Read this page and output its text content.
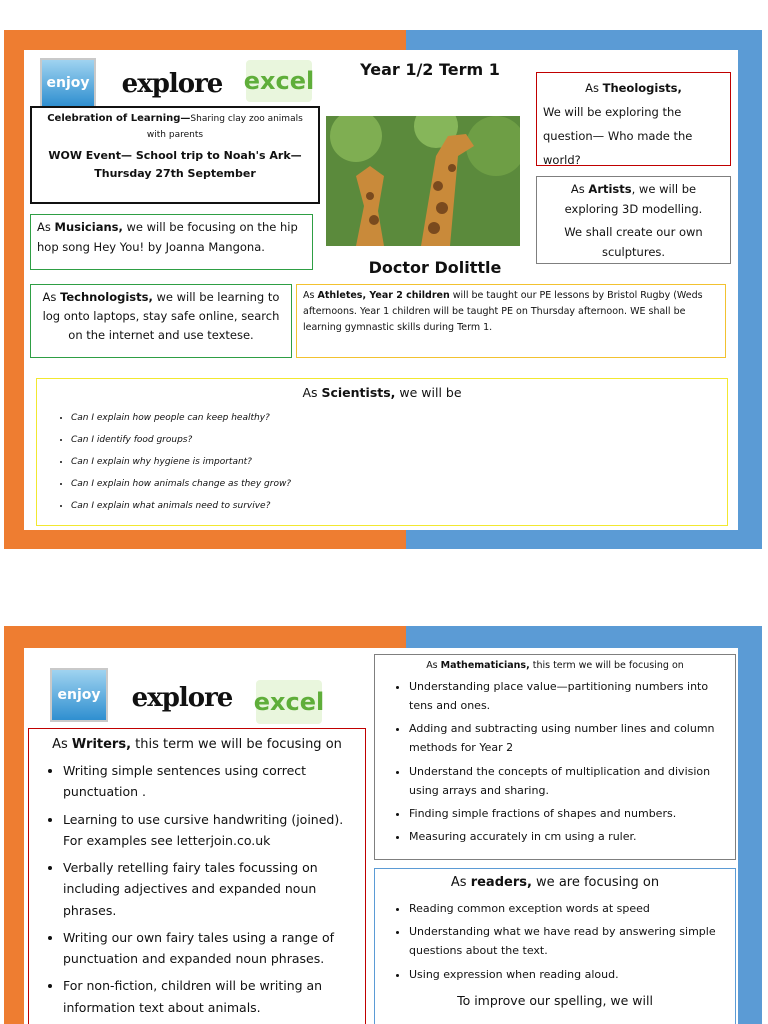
enjoy explore excel	Year 1/2 Term 1
Celebration of Learning—Sharing clay zoo animals with parents
WOW Event— School trip to Noah's Ark— Thursday 27th September
Doctor Dolittle
As Theologists,
We will be exploring the
question— Who made the world?
As Artists, we will be exploring 3D modelling.
We shall create our own sculptures.
As Musicians, we will be focusing on the hip hop song Hey You! by Joanna Mangona.
As Technologists, we will be learning to log onto laptops, stay safe online, search on the internet and use textese.
As Athletes, Year 2 children will be taught our PE lessons by Bristol Rugby (Weds afternoons. Year 1 children will be taught PE on Thursday afternoon. WE shall be learning gymnastic skills during Term 1.
As Scientists, we will be
• Can I explain how people can keep healthy?
• Can I identify food groups?
• Can I explain why hygiene is important?
• Can I explain how animals change as they grow?
• Can I explain what animals need to survive?
enjoy explore excel
As Mathematicians, this term we will be focusing on
• Understanding place value—partitioning numbers into tens and ones.
• Adding and subtracting using number lines and column methods for Year 2
• Understand the concepts of multiplication and division using arrays and sharing.
• Finding simple fractions of shapes and numbers.
• Measuring accurately in cm using a ruler.
As Writers, this term we will be focusing on
• Writing simple sentences using correct punctuation .
• Learning to use cursive handwriting (joined). For examples see letterjoin.co.uk
• Verbally retelling fairy tales focussing on including adjectives and expanded noun phrases.
• Writing our own fairy tales using a range of punctuation and expanded noun phrases.
• For non-fiction, children will be writing an information text about animals.
As readers, we are focusing on
• Reading common exception words at speed
• Understanding what we have read by answering simple questions about the text.
• Using expression when reading aloud.
To improve our spelling, we will
